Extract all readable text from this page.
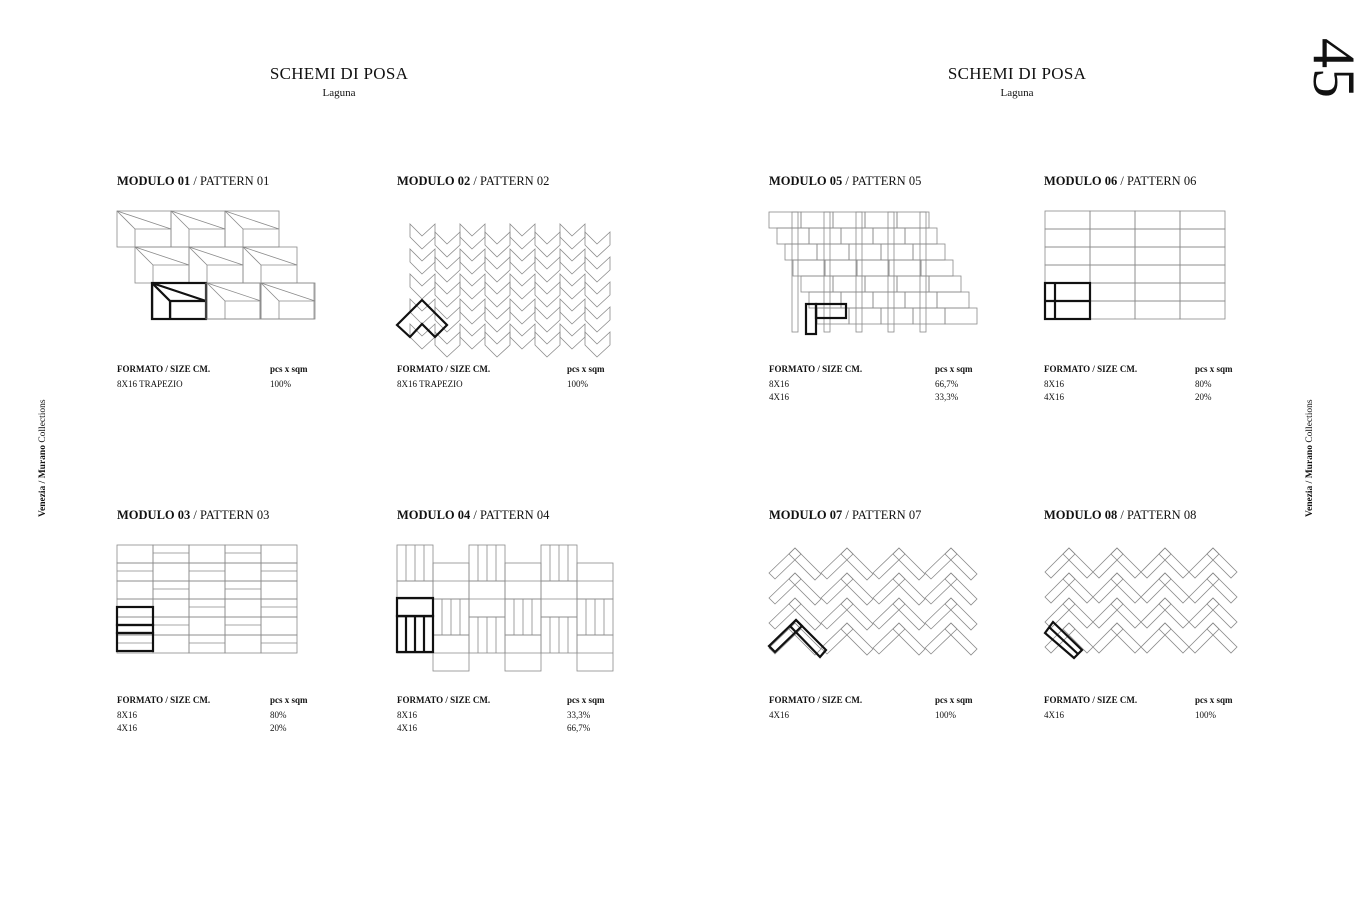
SCHEMI DI POSA
Laguna
SCHEMI DI POSA
Laguna	45
Venezia / Murano Collections
Venezia / Murano Collections
MODULO 01 / PATTERN 01
FORMATO / SIZE CM.	pcs x sqm
8X16 TRAPEZIO	100%
MODULO 02 / PATTERN 02
FORMATO / SIZE CM.	pcs x sqm
8X16 TRAPEZIO	100%
MODULO 03 / PATTERN 03
FORMATO / SIZE CM.	pcs x sqm
8X16	80%
4X16	20%
MODULO 04 / PATTERN 04
FORMATO / SIZE CM.	pcs x sqm
8X16	33,3%
4X16	66,7%
MODULO 05 / PATTERN 05
FORMATO / SIZE CM.	pcs x sqm
8X16	66,7%
4X16	33,3%
MODULO 06 / PATTERN 06
FORMATO / SIZE CM.	pcs x sqm
8X16	80%
4X16	20%
MODULO 07 / PATTERN 07
FORMATO / SIZE CM.	pcs x sqm
4X16	100%
MODULO 08 / PATTERN 08
FORMATO / SIZE CM.	pcs x sqm
4X16	100%
